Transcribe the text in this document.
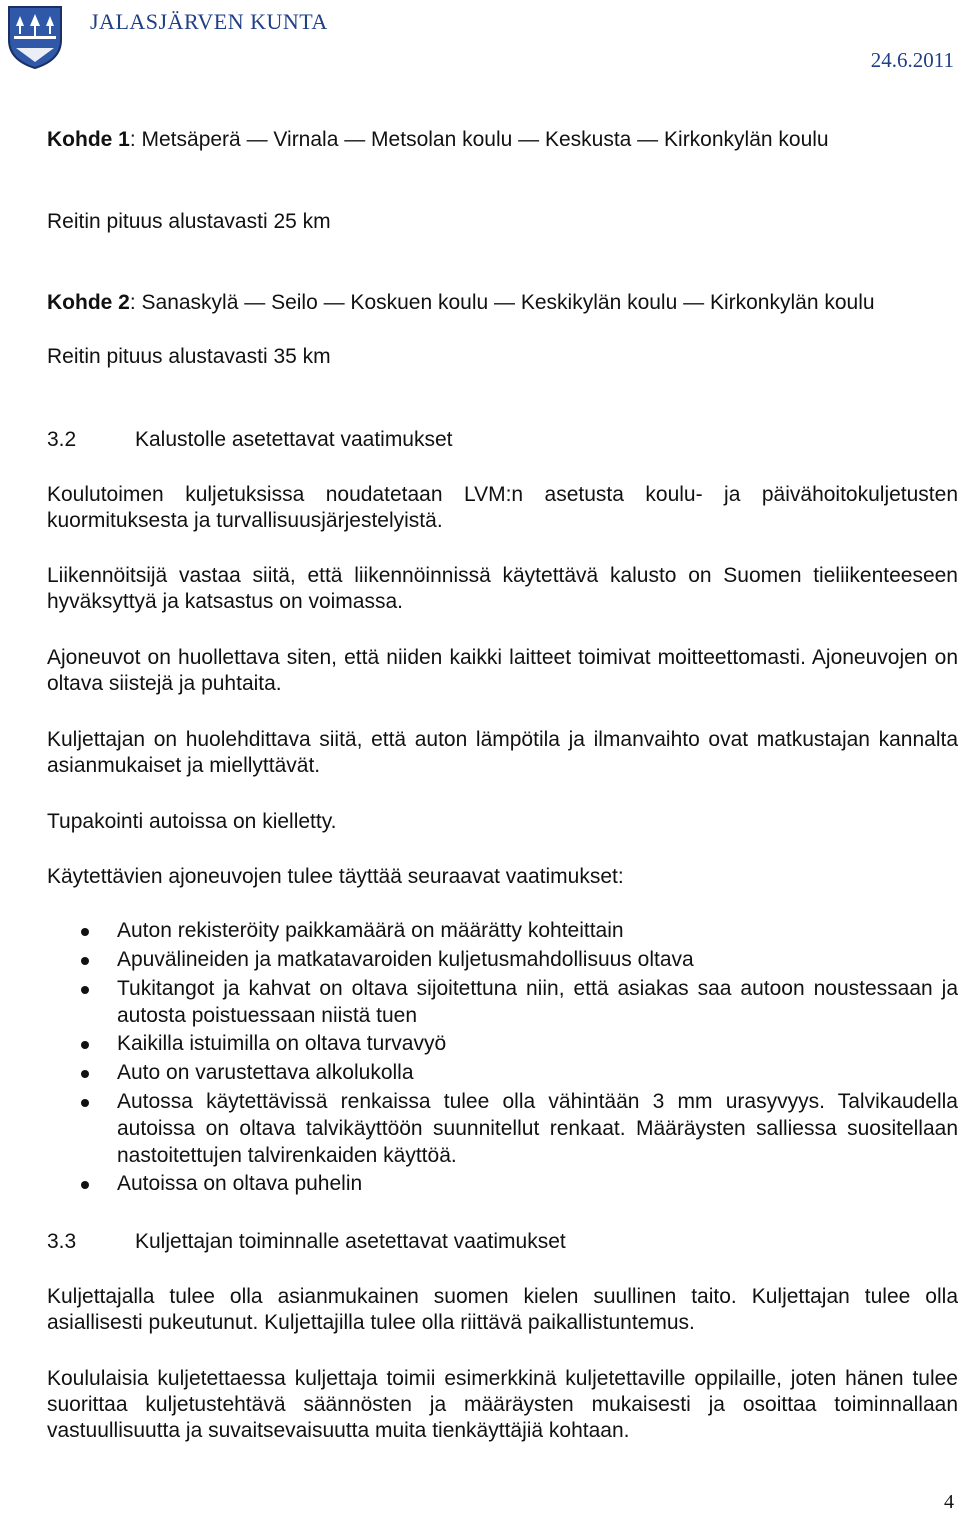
JALASJÄRVEN KUNTA
24.6.2011

Kohde 1: Metsäperä — Virnala — Metsolan koulu — Keskusta — Kirkonkylän koulu

Reitin pituus alustavasti 25 km

Kohde 2: Sanaskylä — Seilo — Koskuen koulu — Keskikylän koulu — Kirkonkylän koulu

Reitin pituus alustavasti 35 km

3.2	Kalustolle asetettavat vaatimukset

Koulutoimen kuljetuksissa noudatetaan LVM:n asetusta koulu- ja päivähoitokuljetusten kuormituksesta ja turvallisuusjärjestelyistä.

Liikennöitsijä vastaa siitä, että liikennöinnissä käytettävä kalusto on Suomen tieliikenteeseen hyväksyttyä ja katsastus on voimassa.

Ajoneuvot on huollettava siten, että niiden kaikki laitteet toimivat moitteettomasti. Ajoneuvojen on oltava siistejä ja puhtaita.

Kuljettajan on huolehdittava siitä, että auton lämpötila ja ilmanvaihto ovat matkustajan kannalta asianmukaiset ja miellyttävät.

Tupakointi autoissa on kielletty.

Käytettävien ajoneuvojen tulee täyttää seuraavat vaatimukset:

Auton rekisteröity paikkamäärä on määrätty kohteittain
Apuvälineiden ja matkatavaroiden kuljetusmahdollisuus oltava
Tukitangot ja kahvat on oltava sijoitettuna niin, että asiakas saa autoon noustessaan ja autosta poistuessaan niistä tuen
Kaikilla istuimilla on oltava turvavyö
Auto on varustettava alkolukolla
Autossa käytettävissä renkaissa tulee olla vähintään 3 mm urasyvyys. Talvikaudella autoissa on oltava talvikäyttöön suunnitellut renkaat. Määräysten salliessa suositellaan nastoitettujen talvirenkaiden käyttöä.
Autoissa on oltava puhelin

3.3	Kuljettajan toiminnalle asetettavat vaatimukset

Kuljettajalla tulee olla asianmukainen suomen kielen suullinen taito. Kuljettajan tulee olla asiallisesti pukeutunut. Kuljettajilla tulee olla riittävä paikallistuntemus.

Koululaisia kuljetettaessa kuljettaja toimii esimerkkinä kuljetettaville oppilaille, joten hänen tulee suorittaa kuljetustehtävä säännösten ja määräysten mukaisesti ja osoittaa toiminnallaan vastuullisuutta ja suvaitsevaisuutta muita tienkäyttäjiä kohtaan.

4
